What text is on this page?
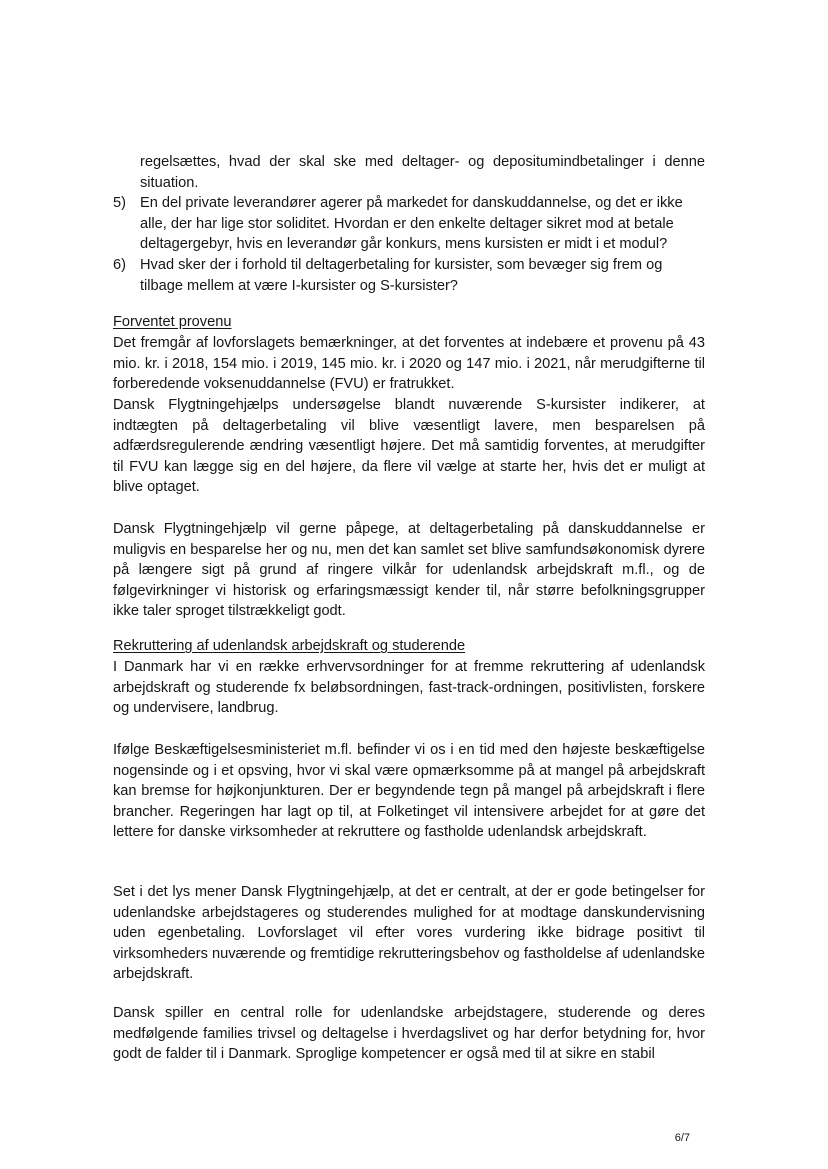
regelsættes, hvad der skal ske med deltager- og depositumindbetalinger i denne situation.
5) En del private leverandører agerer på markedet for danskuddannelse, og det er ikke alle, der har lige stor soliditet. Hvordan er den enkelte deltager sikret mod at betale deltagergebyr, hvis en leverandør går konkurs, mens kursisten er midt i et modul?
6) Hvad sker der i forhold til deltagerbetaling for kursister, som bevæger sig frem og tilbage mellem at være I-kursister og S-kursister?
Forventet provenu
Det fremgår af lovforslagets bemærkninger, at det forventes at indebære et provenu på 43 mio. kr. i 2018, 154 mio. i 2019, 145 mio. kr. i 2020 og 147 mio. i 2021, når merudgifterne til forberedende voksenuddannelse (FVU) er fratrukket.
Dansk Flygtningehjælps undersøgelse blandt nuværende S-kursister indikerer, at indtægten på deltagerbetaling vil blive væsentligt lavere, men besparelsen på adfærdsregulerende ændring væsentligt højere. Det må samtidig forventes, at merudgifter til FVU kan lægge sig en del højere, da flere vil vælge at starte her, hvis det er muligt at blive optaget.
Dansk Flygtningehjælp vil gerne påpege, at deltagerbetaling på danskuddannelse er muligvis en besparelse her og nu, men det kan samlet set blive samfundsøkonomisk dyrere på længere sigt på grund af ringere vilkår for udenlandsk arbejdskraft m.fl., og de følgevirkninger vi historisk og erfaringsmæssigt kender til, når større befolkningsgrupper ikke taler sproget tilstrækkeligt godt.
Rekruttering af udenlandsk arbejdskraft og studerende
I Danmark har vi en række erhvervsordninger for at fremme rekruttering af udenlandsk arbejdskraft og studerende fx beløbsordningen, fast-track-ordningen, positivlisten, forskere og undervisere, landbrug.
Ifølge Beskæftigelsesministeriet m.fl. befinder vi os i en tid med den højeste beskæftigelse nogensinde og i et opsving, hvor vi skal være opmærksomme på at mangel på arbejdskraft kan bremse for højkonjunkturen. Der er begyndende tegn på mangel på arbejdskraft i flere brancher. Regeringen har lagt op til, at Folketinget vil intensivere arbejdet for at gøre det lettere for danske virksomheder at rekruttere og fastholde udenlandsk arbejdskraft.
Set i det lys mener Dansk Flygtningehjælp, at det er centralt, at der er gode betingelser for udenlandske arbejdstageres og studerendes mulighed for at modtage danskundervisning uden egenbetaling. Lovforslaget vil efter vores vurdering ikke bidrage positivt til virksomheders nuværende og fremtidige rekrutteringsbehov og fastholdelse af udenlandske arbejdskraft.
Dansk spiller en central rolle for udenlandske arbejdstagere, studerende og deres medfølgende families trivsel og deltagelse i hverdagslivet og har derfor betydning for, hvor godt de falder til i Danmark. Sproglige kompetencer er også med til at sikre en stabil
6/7
